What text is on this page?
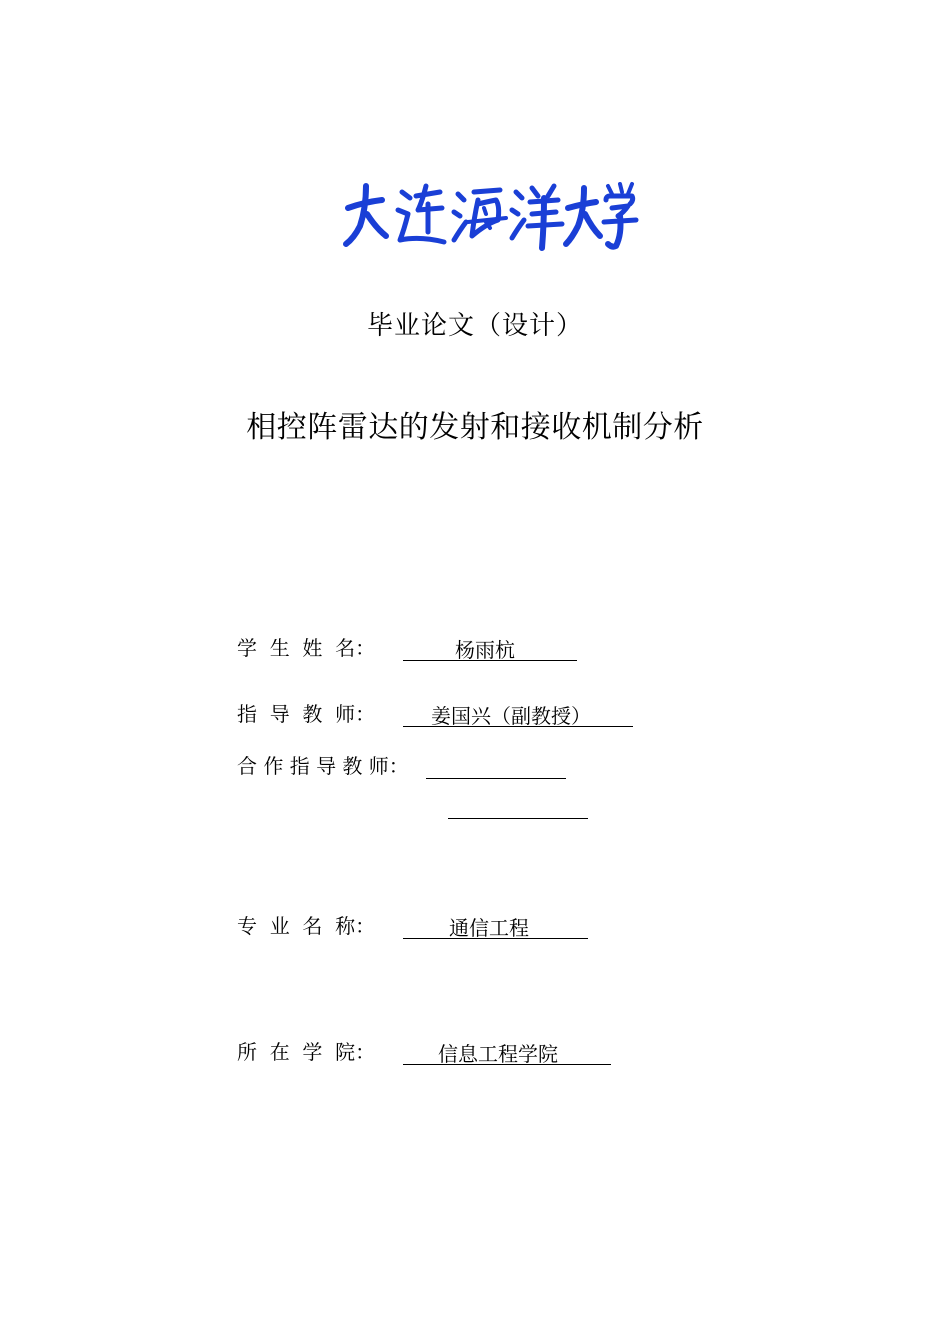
毕业论文（设计）
相控阵雷达的发射和接收机制分析
学  生  姓  名：	杨雨杭
指  导  教  师：	姜国兴（副教授）
合 作 指 导 教 师：
专  业  名  称：	通信工程
所  在  学  院：	信息工程学院
